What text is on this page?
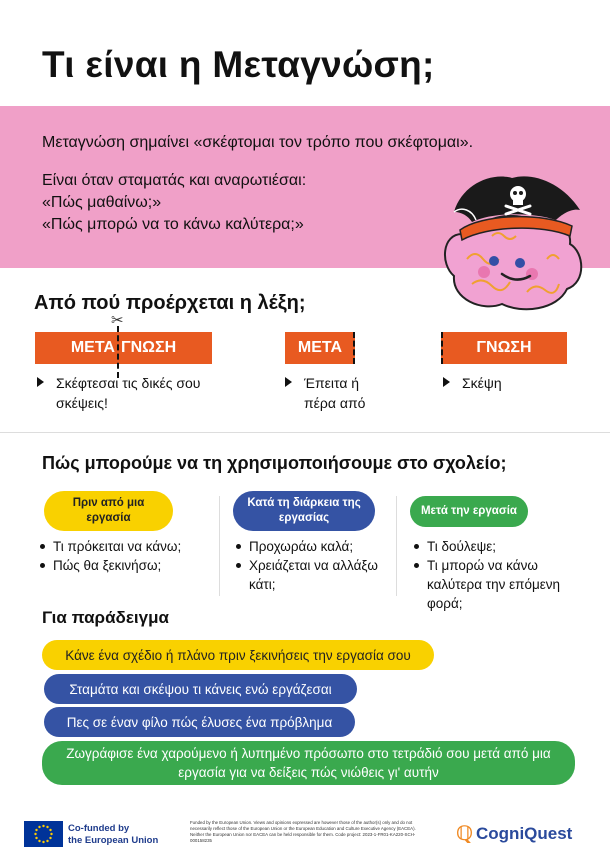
Τι είναι η Μεταγνώση;

Μεταγνώση σημαίνει «σκέφτομαι τον τρόπο που σκέφτομαι».

Είναι όταν σταματάς και αναρωτιέσαι:
«Πώς μαθαίνω;»
«Πώς μπορώ να το κάνω καλύτερα;»
Από πού προέρχεται η λέξη;
✂
ΜΕΤΑ ΓΝΩΣΗ	ΜΕΤΑ	ΓΝΩΣΗ
Σκέφτεσαι τις δικές σου
σκέψεις!
Έπειτα ή
πέρα από
Σκέψη
Πώς μπορούμε να τη χρησιμοποιήσουμε στο σχολείο;
Πριν από μια
εργασία
Κατά τη διάρκεια της
εργασίας
Μετά την εργασία
Τι πρόκειται να κάνω;
Πώς θα ξεκινήσω;
Προχωράω καλά;
Χρειάζεται να αλλάξω κάτι;
Τι δούλεψε;
Τι μπορώ να κάνω καλύτερα την επόμενη φορά;
Για παράδειγμα
Κάνε ένα σχέδιο ή πλάνο πριν ξεκινήσεις την εργασία σου
Σταμάτα και σκέψου τι κάνεις ενώ εργάζεσαι
Πες σε έναν φίλο πώς έλυσες ένα πρόβλημα
Ζωγράφισε ένα χαρούμενο ή λυπημένο πρόσωπο στο τετράδιό σου μετά από μια εργασία για να δείξεις πώς νιώθεις γι' αυτήν
Co-funded by
the European Union
Funded by the European Union. Views and opinions expressed are however those of the author(s) only and do not necessarily reflect those of the European Union or the European Education and Culture Executive Agency (EACEA). Neither the European Union nor EACEA can be held responsible for them. Code project: 2023-1-FR01-KA220-SCH-000158235	ℚ CogniQuest
